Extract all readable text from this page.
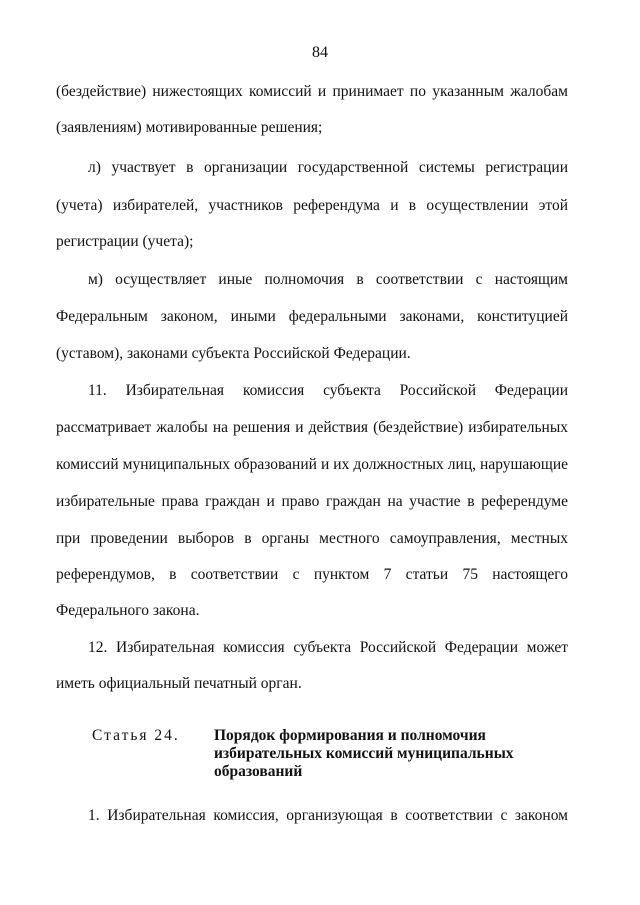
84
(бездействие) нижестоящих комиссий и принимает по указанным жалобам
(заявлениям) мотивированные решения;
л) участвует в организации государственной системы регистрации
(учета) избирателей, участников референдума и в осуществлении этой
регистрации (учета);
м) осуществляет иные полномочия в соответствии с настоящим
Федеральным законом, иными федеральными законами, конституцией
(уставом), законами субъекта Российской Федерации.
11. Избирательная комиссия субъекта Российской Федерации
рассматривает жалобы на решения и действия (бездействие) избирательных
комиссий муниципальных образований и их должностных лиц, нарушающие
избирательные права граждан и право граждан на участие в референдуме
при проведении выборов в органы местного самоуправления, местных
референдумов, в соответствии с пунктом 7 статьи 75 настоящего
Федерального закона.
12. Избирательная комиссия субъекта Российской Федерации может
иметь официальный печатный орган.
Статья 24. Порядок формирования и полномочия
избирательных комиссий муниципальных
образований
1. Избирательная комиссия, организующая в соответствии с законом
